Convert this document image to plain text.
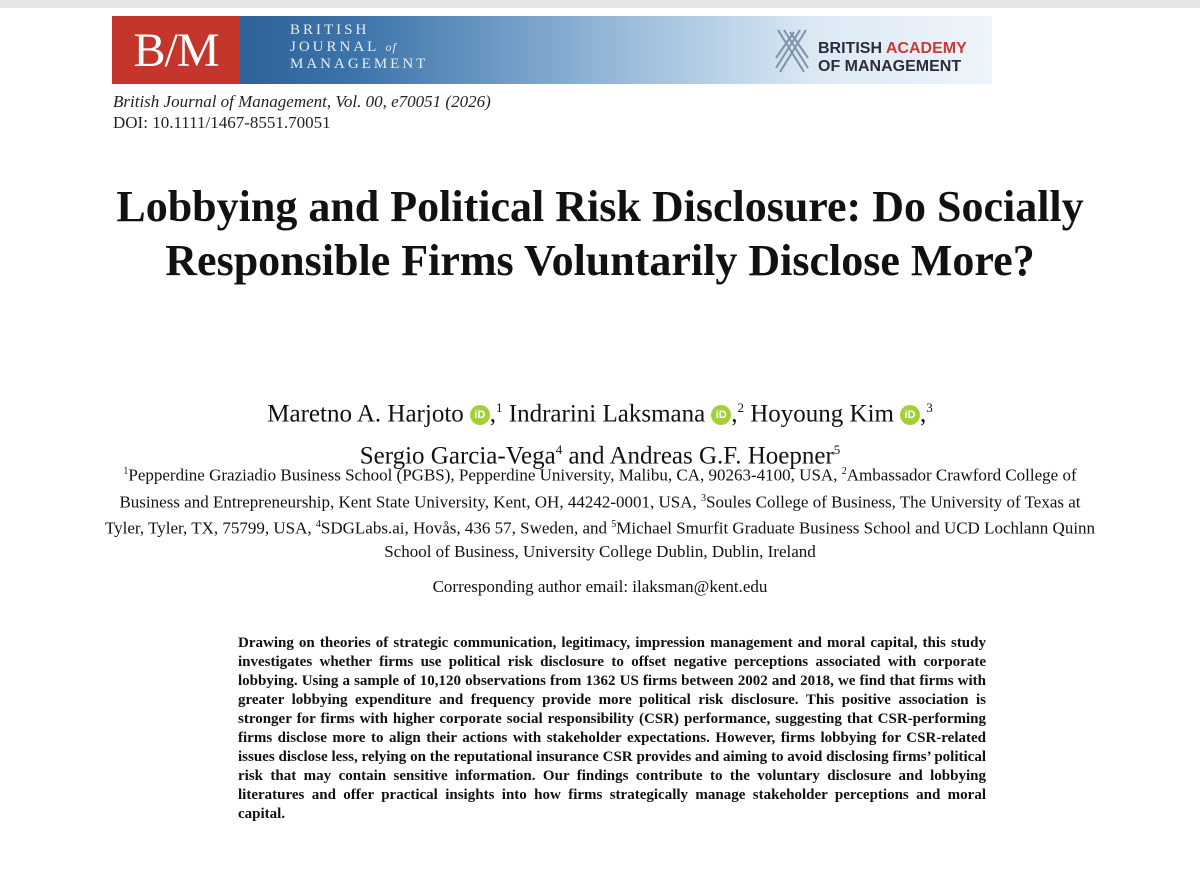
B/M	BRITISH
JOURNAL of
MANAGEMENT
BRITISH ACADEMY
OF MANAGEMENT
British Journal of Management, Vol. 00, e70051 (2026)
DOI: 10.1111/1467-8551.70051
Lobbying and Political Risk Disclosure: Do Socially Responsible Firms Voluntarily Disclose More?
Maretno A. Harjoto iD ,$^1$ Indrarini Laksmana iD ,$^2$ Hoyoung Kim iD ,$^3$
Sergio Garcia-Vega$^4$ and Andreas G.F. Hoepner$^5$
$^1$Pepperdine Graziadio Business School (PGBS), Pepperdine University, Malibu, CA, 90263-4100, USA, $^2$Ambassador Crawford College of Business and Entrepreneurship, Kent State University, Kent, OH, 44242-0001, USA, $^3$Soules College of Business, The University of Texas at Tyler, Tyler, TX, 75799, USA, $^4$SDGLabs.ai, Hovås, 436 57, Sweden, and $^5$Michael Smurfit Graduate Business School and UCD Lochlann Quinn School of Business, University College Dublin, Dublin, Ireland
Corresponding author email: ilaksman@kent.edu
Drawing on theories of strategic communication, legitimacy, impression management and moral capital, this study investigates whether firms use political risk disclosure to offset negative perceptions associated with corporate lobbying. Using a sample of 10,120 observations from 1362 US firms between 2002 and 2018, we find that firms with greater lobbying expenditure and frequency provide more political risk disclosure. This positive association is stronger for firms with higher corporate social responsibility (CSR) performance, suggesting that CSR-performing firms disclose more to align their actions with stakeholder expectations. However, firms lobbying for CSR-related issues disclose less, relying on the reputational insurance CSR provides and aiming to avoid disclosing firms’ political risk that may contain sensitive information. Our findings contribute to the voluntary disclosure and lobbying literatures and offer practical insights into how firms strategically manage stakeholder perceptions and moral capital.
